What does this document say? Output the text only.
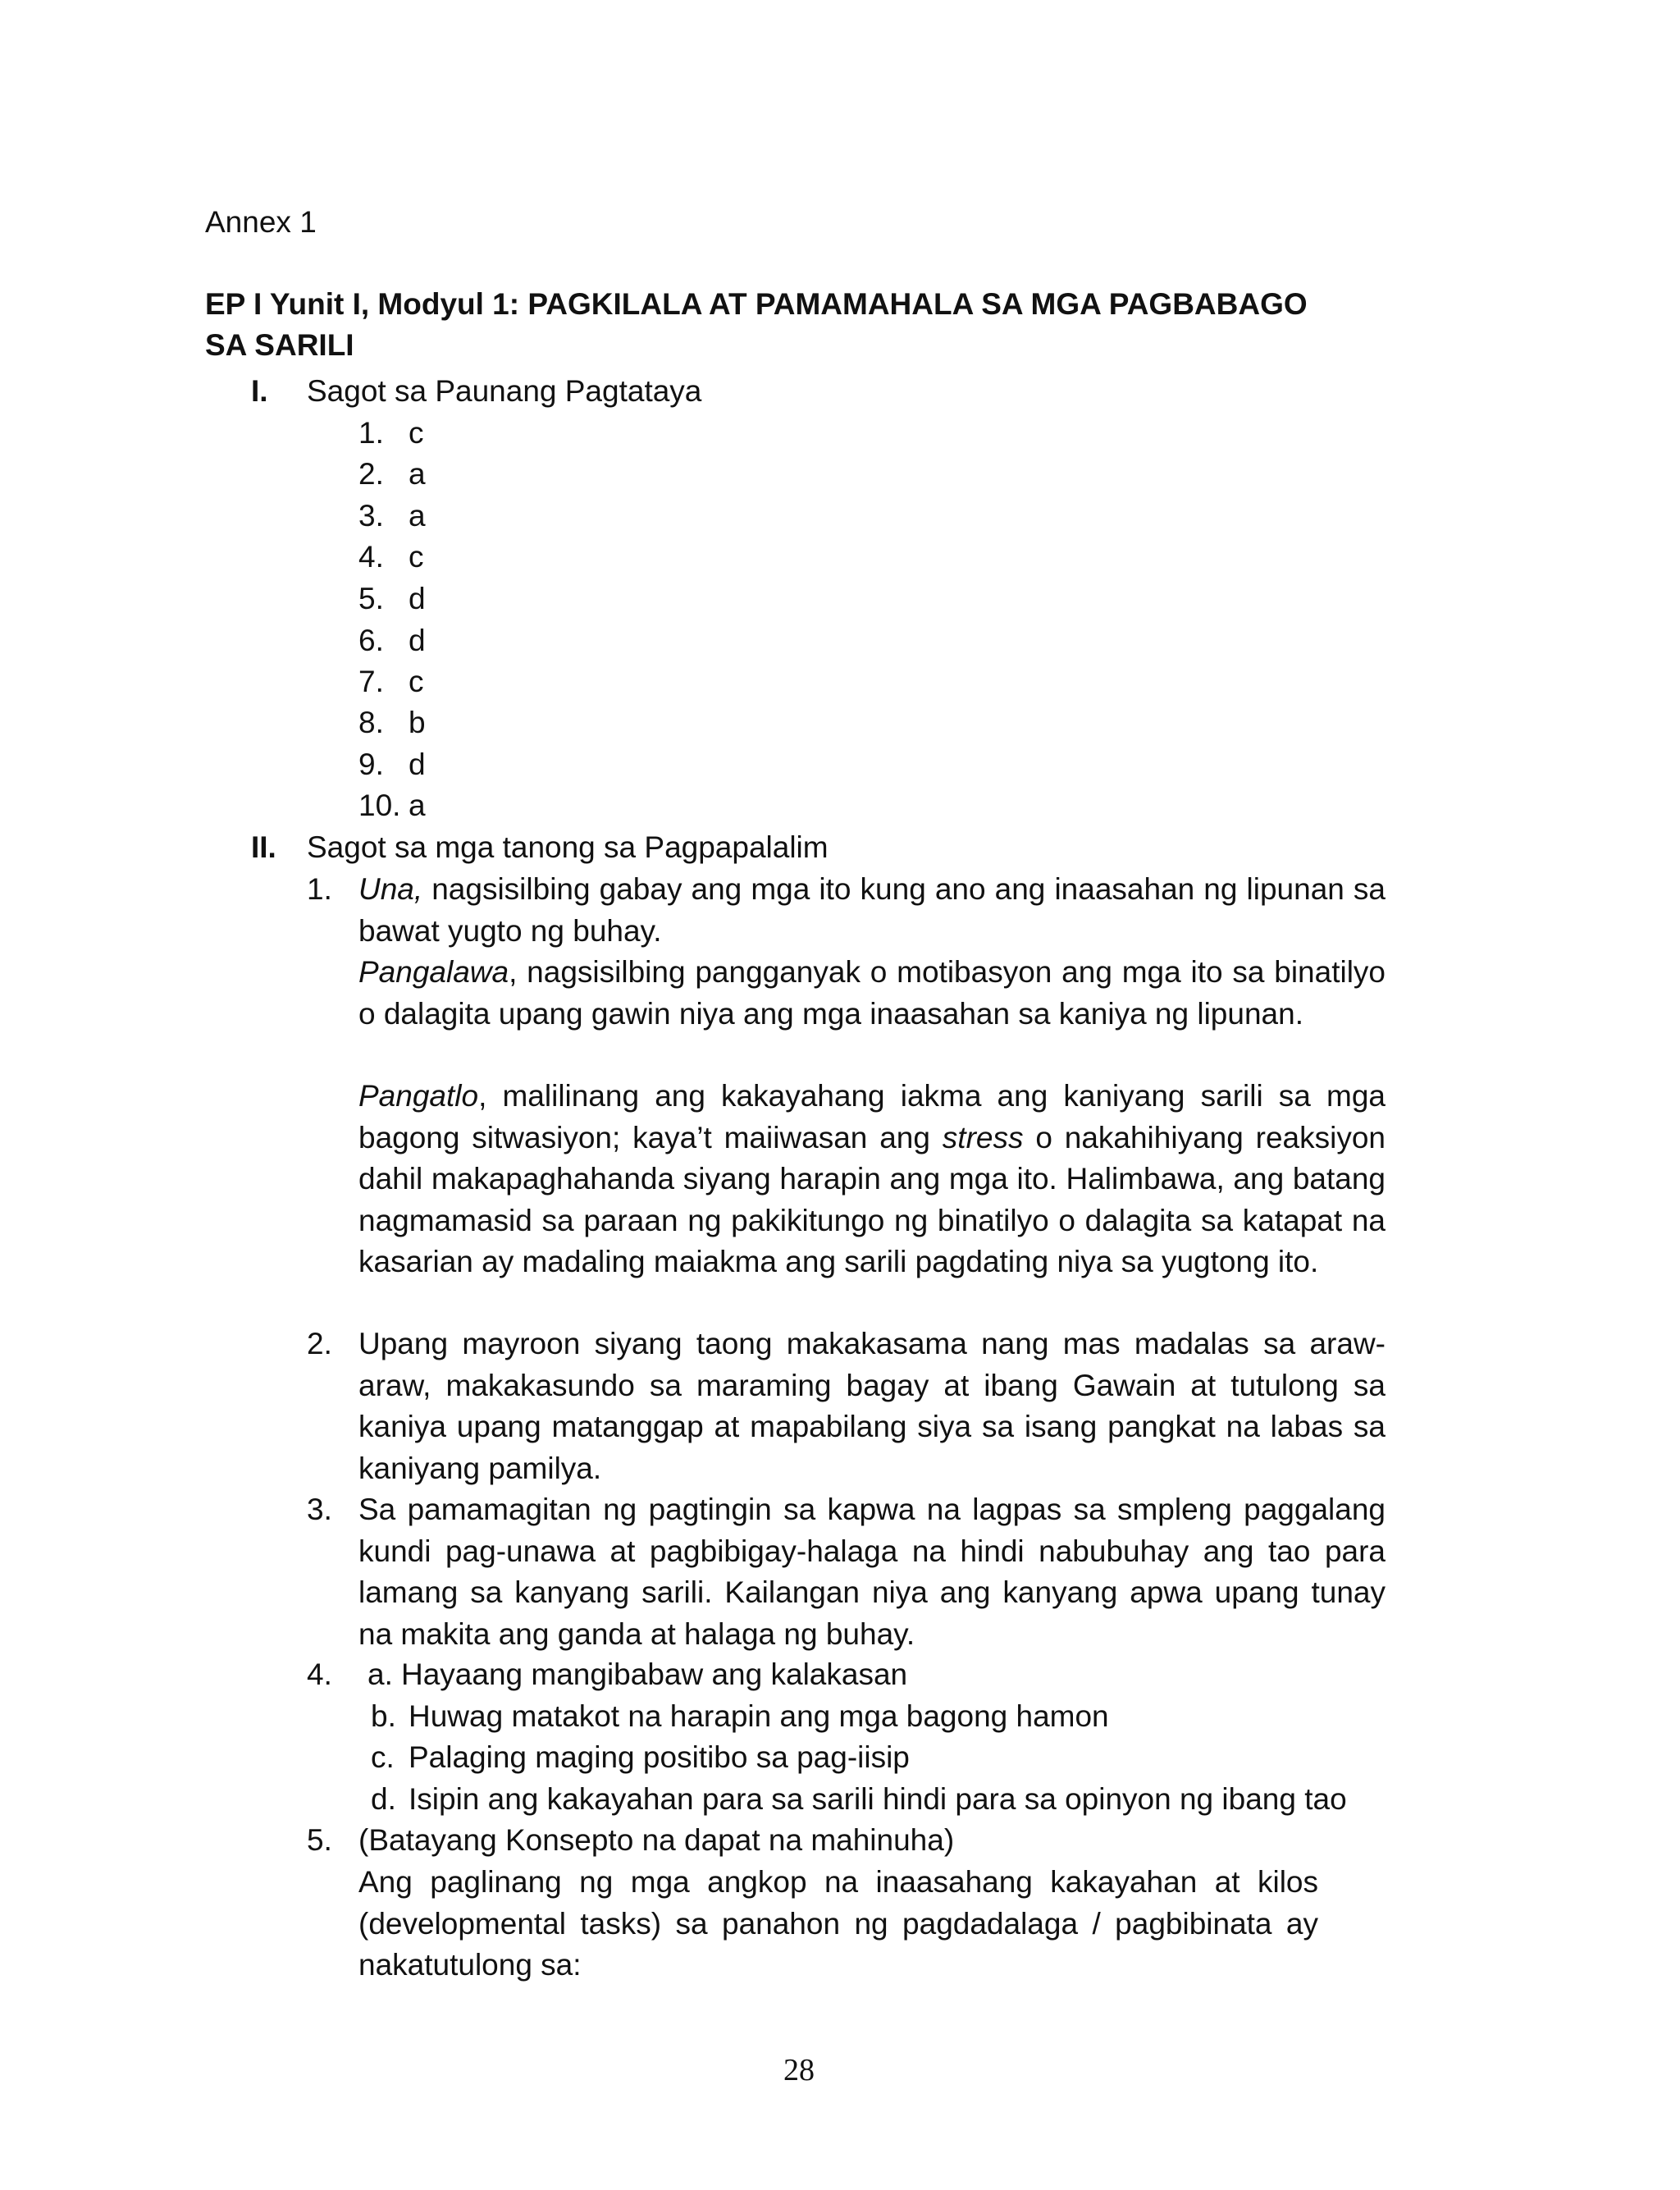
Annex 1
EP I Yunit I, Modyul 1: PAGKILALA AT PAMAMAHALA SA MGA PAGBABAGO
SA SARILI
I. Sagot sa Paunang Pagtataya
1. c
2. a
3. a
4. c
5. d
6. d
7. c
8. b
9. d
10. a
II. Sagot sa mga tanong sa Pagpapalalim
1. Una, nagsisilbing gabay ang mga ito kung ano ang inaasahan ng lipunan sa bawat yugto ng buhay.
Pangalawa, nagsisilbing pangganyak o motibasyon ang mga ito sa binatilyo o dalagita upang gawin niya ang mga inaasahan sa kaniya ng lipunan.
Pangatlo, malilinang ang kakayahang iakma ang kaniyang sarili sa mga bagong sitwasiyon; kaya’t maiiwasan ang stress o nakahihiyang reaksiyon dahil makapaghahanda siyang harapin ang mga ito. Halimbawa, ang batang nagmamasid sa paraan ng pakikitungo ng binatilyo o dalagita sa katapat na kasarian ay madaling maiakma ang sarili pagdating niya sa yugtong ito.
2. Upang mayroon siyang taong makakasama nang mas madalas sa araw-araw, makakasundo sa maraming bagay at ibang Gawain at tutulong sa kaniya upang matanggap at mapabilang siya sa isang pangkat na labas sa kaniyang pamilya.
3. Sa pamamagitan ng pagtingin sa kapwa na lagpas sa smpleng paggalang kundi pag-unawa at pagbibigay-halaga na hindi nabubuhay ang tao para lamang sa kanyang sarili. Kailangan niya ang kanyang apwa upang tunay na makita ang ganda at halaga ng buhay.
4. a. Hayaang mangibabaw ang kalakasan
b. Huwag matakot na harapin ang mga bagong hamon
c. Palaging maging positibo sa pag-iisip
d. Isipin ang kakayahan para sa sarili hindi para sa opinyon ng ibang tao
5. (Batayang Konsepto na dapat na mahinuha)
Ang paglinang ng mga angkop na inaasahang kakayahan at kilos (developmental tasks) sa panahon ng pagdadalaga / pagbibinata ay nakatutulong sa:
28
